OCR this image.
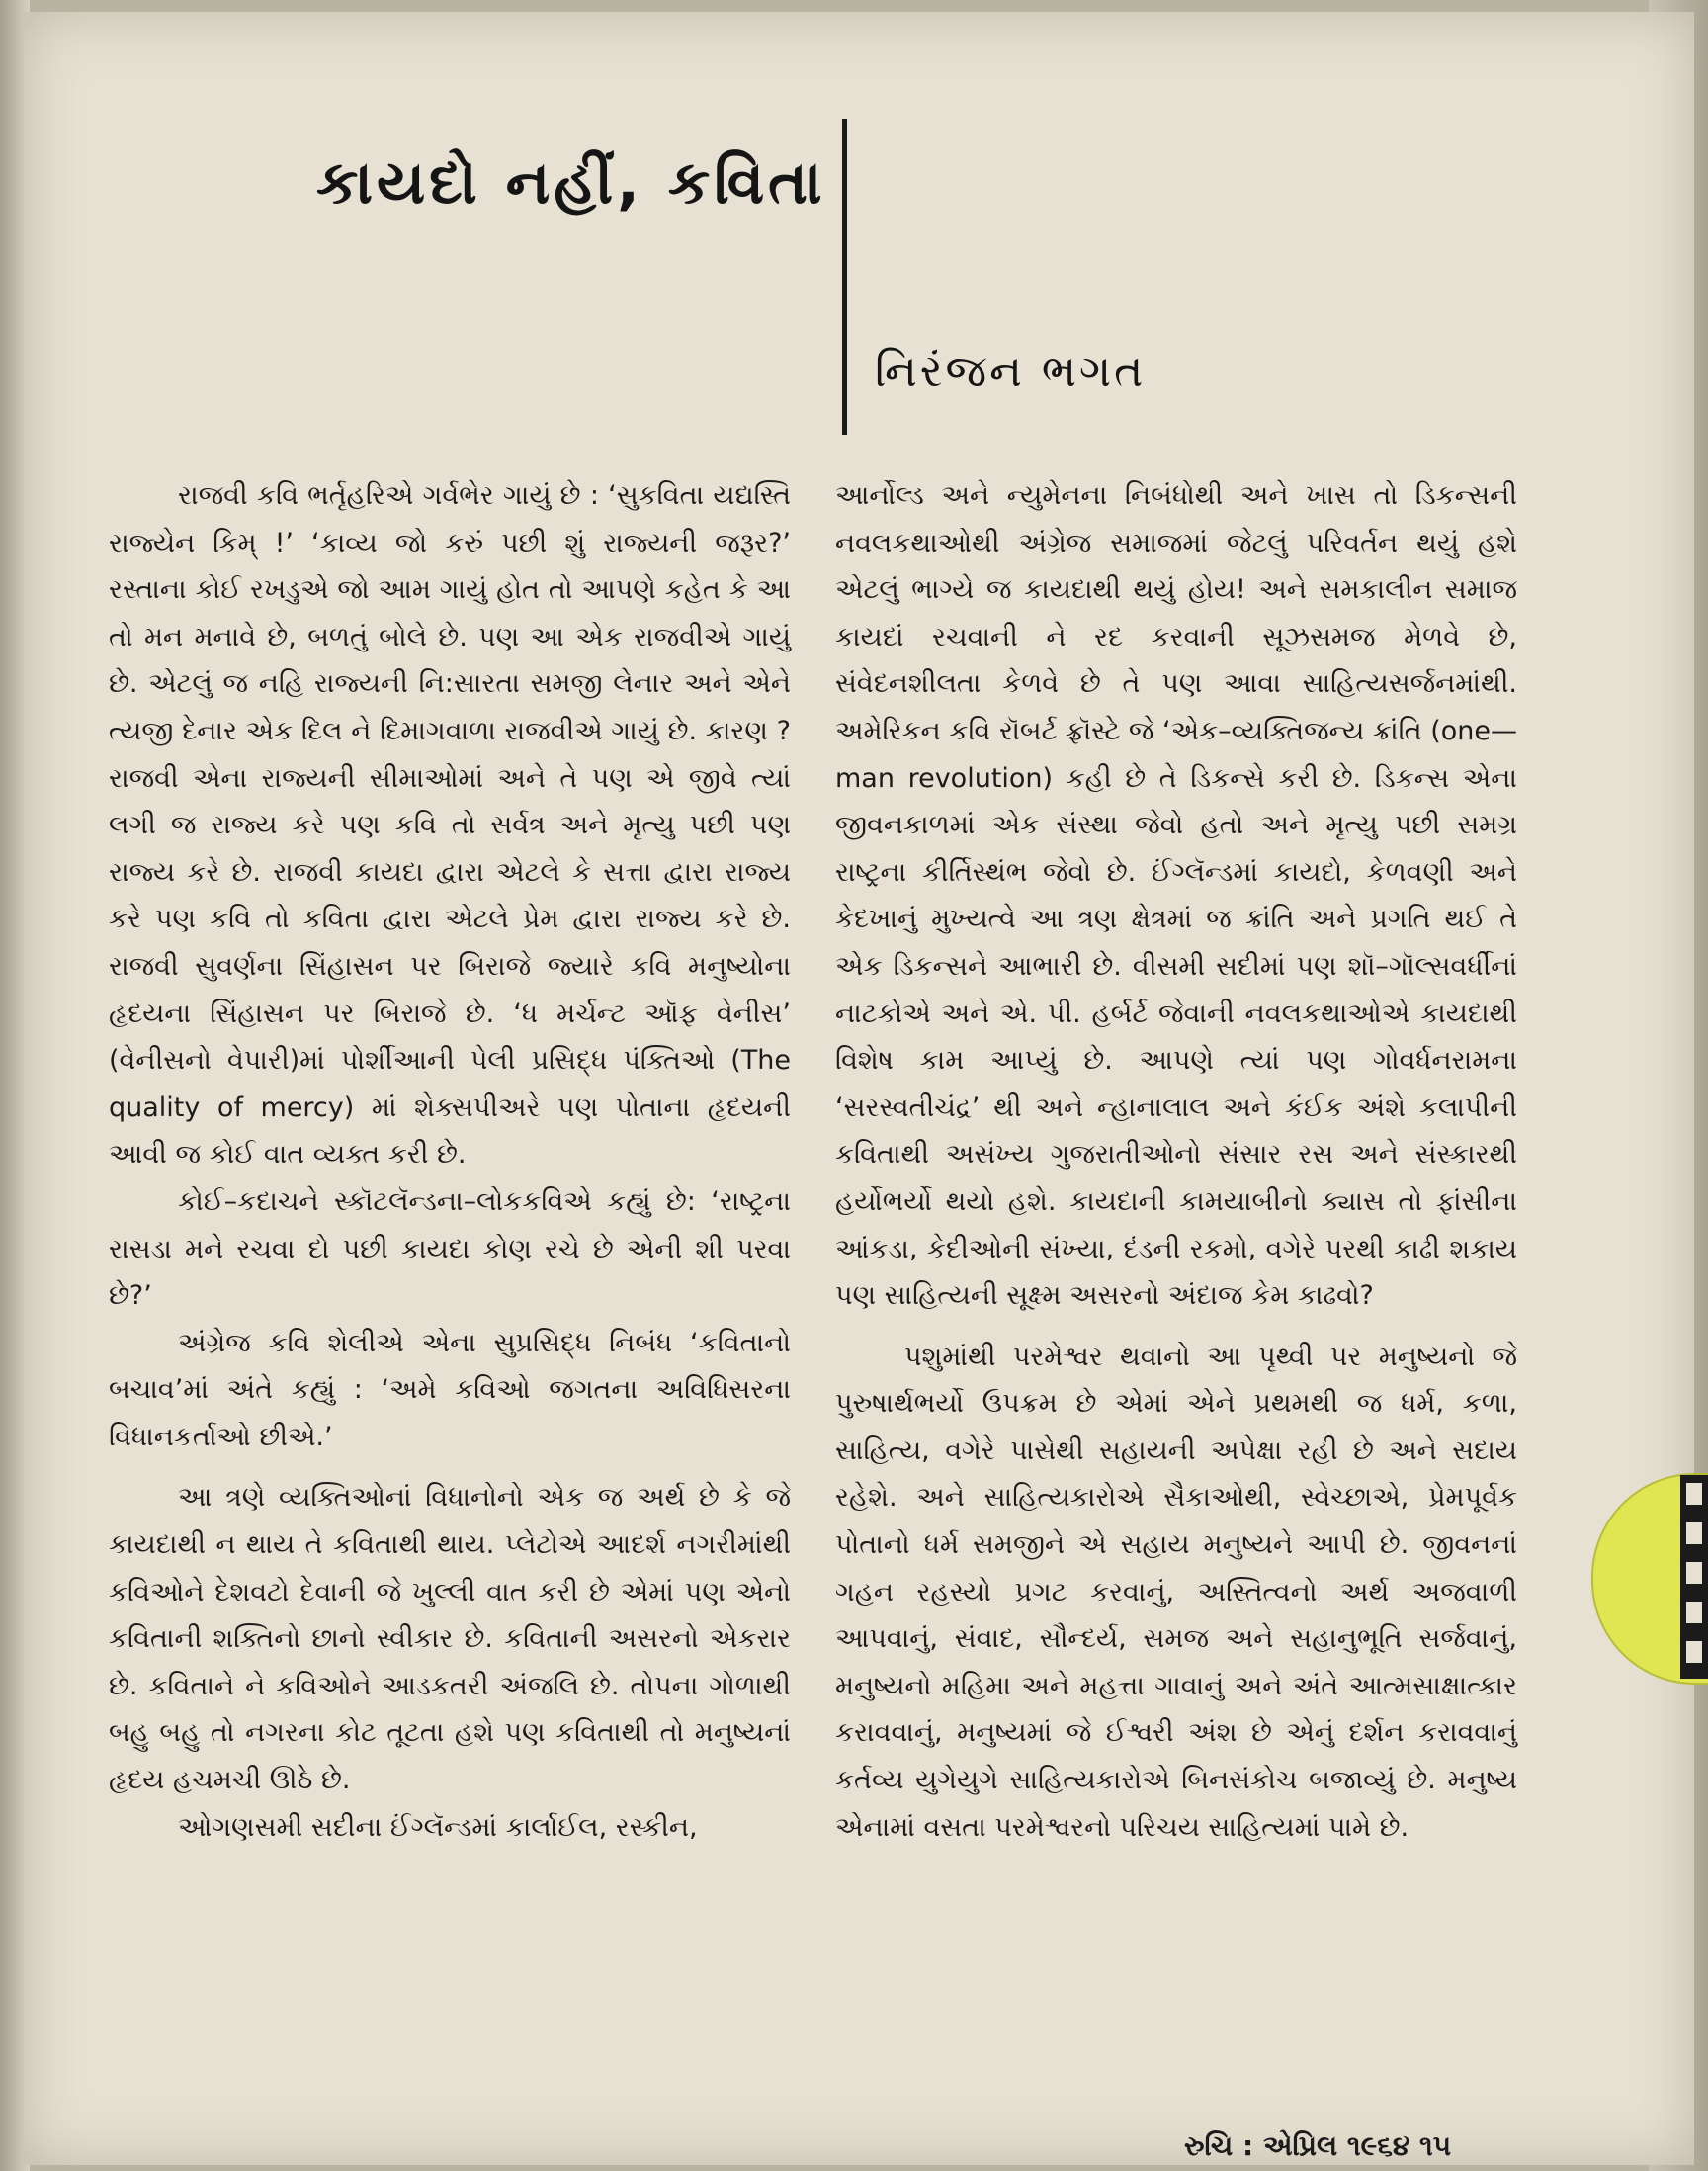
કાયદો નહીં, કવિતા
નિરંજન ભગત

રાજવી કવિ ભર્તૃહરિએ ગર્વભેર ગાયું છે : ‘સુકવિતા યદ્યસ્તિ રાજ્યેન કિમ્ !’ ‘કાવ્ય જો કરું પછી શું રાજ્યની જરૂર?’ રસ્તાના કોઈ રખડુએ જો આમ ગાયું હોત તો આપણે કહેત કે આ તો મન મનાવે છે, બળતું બોલે છે. પણ આ એક રાજવીએ ગાયું છે. એટલું જ નહિ રાજ્યની નિ:સારતા સમજી લેનાર અને એને ત્યજી દેનાર એક દિલ ને દિમાગવાળા રાજવીએ ગાયું છે. કારણ ? રાજવી એના રાજ્યની સીમાઓમાં અને તે પણ એ જીવે ત્યાં લગી જ રાજ્ય કરે પણ કવિ તો સર્વત્ર અને મૃત્યુ પછી પણ રાજ્ય કરે છે. રાજવી કાયદા દ્વારા એટલે કે સત્તા દ્વારા રાજ્ય કરે પણ કવિ તો કવિતા દ્વારા એટલે પ્રેમ દ્વારા રાજ્ય કરે છે. રાજવી સુવર્ણના સિંહાસન પર બિરાજે જ્યારે કવિ મનુષ્યોના હૃદયના સિંહાસન પર બિરાજે છે. ‘ધ મર્ચન્ટ ઑફ વેનીસ’ (વેનીસનો વેપારી)માં પોર્શીઆની પેલી પ્રસિદ્ધ પંક્તિઓ (The quality of mercy) માં શેક્સપીઅરે પણ પોતાના હૃદયની આવી જ કોઈ વાત વ્યક્ત કરી છે.

કોઈ–કદાચને સ્કૉટલૅન્ડના–લોકકવિએ કહ્યું છે: ‘રાષ્ટ્રના રાસડા મને રચવા દો પછી કાયદા કોણ રચે છે એની શી પરવા છે?’

અંગ્રેજ કવિ શેલીએ એના સુપ્રસિદ્ધ નિબંધ ‘કવિતાનો બચાવ’માં અંતે કહ્યું : ‘અમે કવિઓ જગતના અવિધિસરના વિધાનકર્તાઓ છીએ.’

આ ત્રણે વ્યક્તિઓનાં વિધાનોનો એક જ અર્થ છે કે જે કાયદાથી ન થાય તે કવિતાથી થાય. પ્લેટોએ આદર્શ નગરીમાંથી કવિઓને દેશવટો દેવાની જે ખુલ્લી વાત કરી છે એમાં પણ એનો કવિતાની શક્તિનો છાનો સ્વીકાર છે. કવિતાની અસરનો એકરાર છે. કવિતાને ને કવિઓને આડકતરી અંજલિ છે. તોપના ગોળાથી બહુ બહુ તો નગરના કોટ તૂટતા હશે પણ કવિતાથી તો મનુષ્યનાં હૃદય હચમચી ઊઠે છે.

ઓગણસમી સદીના ઈંગ્લૅન્ડમાં કાર્લાઈલ, રસ્કીન,

આર્નોલ્ડ અને ન્યુમેનના નિબંધોથી અને ખાસ તો ડિકન્સની નવલકથાઓથી અંગ્રેજ સમાજમાં જેટલું પરિવર્તન થયું હશે એટલું ભાગ્યે જ કાયદાથી થયું હોય! અને સમકાલીન સમાજ કાયદાં રચવાની ને રદ કરવાની સૂઝસમજ મેળવે છે, સંવેદનશીલતા કેળવે છે તે પણ આવા સાહિત્યસર્જનમાંથી. અમેરિકન કવિ રૉબર્ટ ફ્રૉસ્ટે જે ‘એક–વ્યક્તિજન્ય ક્રાંતિ (one—man revolution) કહી છે તે ડિકન્સે કરી છે. ડિકન્સ એના જીવનકાળમાં એક સંસ્થા જેવો હતો અને મૃત્યુ પછી સમગ્ર રાષ્ટ્રના કીર્તિસ્થંભ જેવો છે. ઈંગ્લૅન્ડમાં કાયદો, કેળવણી અને કેદખાનું મુખ્યત્વે આ ત્રણ ક્ષેત્રમાં જ ક્રાંતિ અને પ્રગતિ થઈ તે એક ડિકન્સને આભારી છે. વીસમી સદીમાં પણ શૉ–ગૉલ્સવર્ધીનાં નાટકોએ અને એ. પી. હર્બર્ટ જેવાની નવલકથાઓએ કાયદાથી વિશેષ કામ આપ્યું છે. આપણે ત્યાં પણ ગોવર્ધનરામના ‘સરસ્વતીચંદ્ર’ થી અને ન્હાનાલાલ અને કંઈક અંશે કલાપીની કવિતાથી અસંખ્ય ગુજરાતીઓનો સંસાર રસ અને સંસ્કારથી હર્યોભર્યો થયો હશે. કાયદાની કામયાબીનો ક્યાસ તો ફાંસીના આંકડા, કેદીઓની સંખ્યા, દંડની રકમો, વગેરે પરથી કાઢી શકાય પણ સાહિત્યની સૂક્ષ્મ અસરનો અંદાજ કેમ કાઢવો?

પશુમાંથી પરમેશ્વર થવાનો આ પૃથ્વી પર મનુષ્યનો જે પુરુષાર્થભર્યો ઉપક્રમ છે એમાં એને પ્રથમથી જ ધર્મ, કળા, સાહિત્ય, વગેરે પાસેથી સહાયની અપેક્ષા રહી છે અને સદાય રહેશે. અને સાહિત્યકારોએ સૈકાઓથી, સ્વેચ્છાએ, પ્રેમપૂર્વક પોતાનો ધર્મ સમજીને એ સહાય મનુષ્યને આપી છે. જીવનનાં ગહન રહસ્યો પ્રગટ કરવાનું, અસ્તિત્વનો અર્થ અજવાળી આપવાનું, સંવાદ, સૌન્દર્ય, સમજ અને સહાનુભૂતિ સર્જવાનું, મનુષ્યનો મહિમા અને મહત્તા ગાવાનું અને અંતે આત્મસાક્ષાત્કાર કરાવવાનું, મનુષ્યમાં જે ઈશ્વરી અંશ છે એનું દર્શન કરાવવાનું કર્તવ્ય યુગેયુગે સાહિત્યકારોએ બિનસંકોચ બજાવ્યું છે. મનુષ્ય એનામાં વસતા પરમેશ્વરનો પરિચય સાહિત્યમાં પામે છે.

રુચિ : એપ્રિલ ૧૯૬૪ ૧૫
